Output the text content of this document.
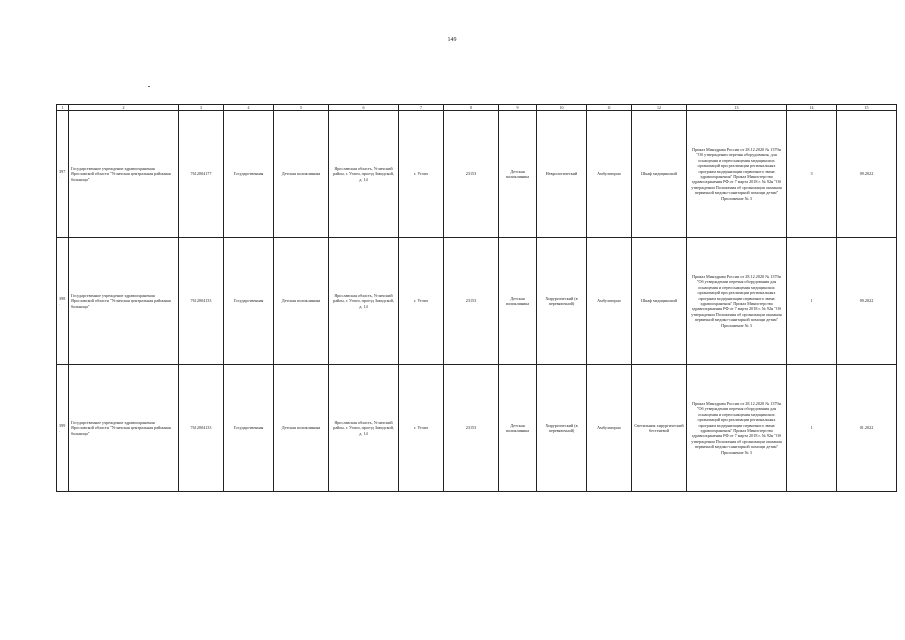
149
1	2	3	4	5	6	7	8	9	10	11	12	13	14	15
397.	Государственное учреждение здравоохранения Ярославской области "Угличская центральная районная больница"	7612004177	Государственная	Детская поликлиника	Ярославская область, Угличский район, г. Углич, проезд Заводской, д. 14	г. Углич	23153	Детская поликлиника	Неврологический	Амбулаторно	Шкаф медицинский	Приказ Минздрава России от 28.12.2020 № 1379н "Об утверждении перечня оборудования, для оснащения и переоснащения медицинских организаций при реализации региональных программ модернизации первичного звена здравоохранения" Приказ Министерства здравоохранения РФ от 7 марта 2018 г. № 92н "Об утверждении Положения об организации оказания первичной медико-санитарной помощи детям" Приложение № 3	3	09.2022
398.	Государственное учреждение здравоохранения Ярославской области "Угличская центральная районная больница"	7612004133	Государственная	Детская поликлиника	Ярославская область, Угличский район, г. Углич, проезд Заводской, д. 14	г. Углич	23153	Детская поликлиника	Хирургический (в перевязочной)	Амбулаторно	Шкаф медицинский	Приказ Минздрава России от 28.12.2020 № 1379н "Об утверждении перечня оборудования для оснащения и переоснащения медицинских организаций при реализации региональных программ модернизации первичного звена здравоохранения" Приказ Министерства здравоохранения РФ от 7 марта 2018 г. № 92н "Об утверждении Положения об организации оказания первичной медико-санитарной помощи детям" Приложение № 3	1	09.2022
399.	Государственное учреждение здравоохранения Ярославской области "Угличская центральная районная больница"	7612004133	Государственная	Детская поликлиника	Ярославская область, Угличский район, г. Углич, проезд Заводской, д. 14	г. Углич	23153	Детская поликлиника	Хирургический (в перевязочной)	Амбулаторно	Светильник хирургический бестеневой	Приказ Минздрава России от 28.12.2020 № 1379н "Об утверждении перечня оборудования для оснащения и переоснащения медицинских организаций при реализации региональных программ модернизации первичного звена здравоохранения" Приказ Министерства здравоохранения РФ от 7 марта 2018 г. № 92н "Об утверждении Положения об организации оказания первичной медико-санитарной помощи детям" Приложение № 3	1	01.2022
